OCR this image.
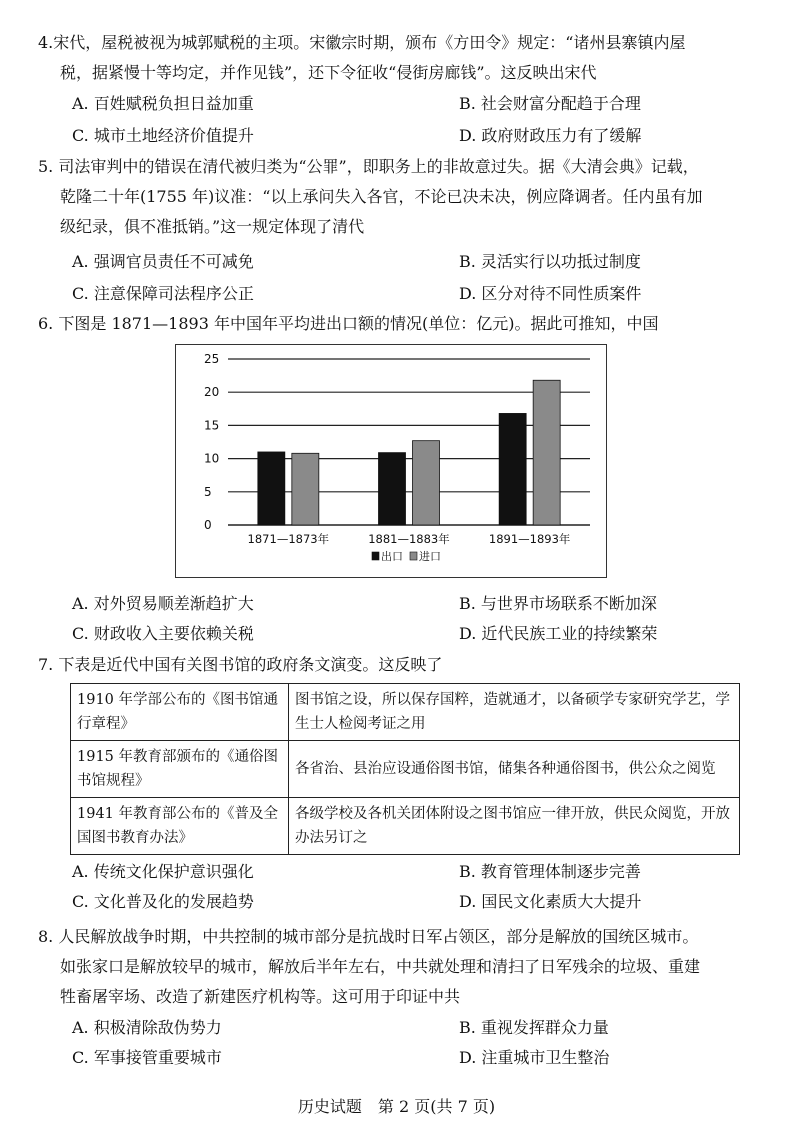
4.宋代，屋税被视为城郭赋税的主项。宋徽宗时期，颁布《方田令》规定：“诸州县寨镇内屋
税，据紧慢十等均定，并作见钱”，还下令征收“侵街房廊钱”。这反映出宋代
A. 百姓赋税负担日益加重	B. 社会财富分配趋于合理
C. 城市土地经济价值提升	D. 政府财政压力有了缓解
5. 司法审判中的错误在清代被归类为“公罪”，即职务上的非故意过失。据《大清会典》记载，
乾隆二十年(1755 年)议准：“以上承问失入各官，不论已决未决，例应降调者。任内虽有加
级纪录，俱不准抵销。”这一规定体现了清代
A. 强调官员责任不可减免	B. 灵活实行以功抵过制度
C. 注意保障司法程序公正	D. 区分对待不同性质案件
6. 下图是 1871—1893 年中国年平均进出口额的情况(单位：亿元)。据此可推知，中国
0
5
10
15
20
25
1871—1873年	1881—1883年	1891—1893年
出口 进口
A. 对外贸易顺差渐趋扩大	B. 与世界市场联系不断加深
C. 财政收入主要依赖关税	D. 近代民族工业的持续繁荣
7. 下表是近代中国有关图书馆的政府条文演变。这反映了
1910 年学部公布的《图书馆通行章程》	图书馆之设，所以保存国粹，造就通才，以备硕学专家研究学艺，学生士人检阅考证之用
1915 年教育部颁布的《通俗图书馆规程》	各省治、县治应设通俗图书馆，储集各种通俗图书，供公众之阅览
1941 年教育部公布的《普及全国图书教育办法》	各级学校及各机关团体附设之图书馆应一律开放，供民众阅览，开放办法另订之
A. 传统文化保护意识强化	B. 教育管理体制逐步完善
C. 文化普及化的发展趋势	D. 国民文化素质大大提升
8. 人民解放战争时期，中共控制的城市部分是抗战时日军占领区，部分是解放的国统区城市。
如张家口是解放较早的城市，解放后半年左右，中共就处理和清扫了日军残余的垃圾、重建
牲畜屠宰场、改造了新建医疗机构等。这可用于印证中共
A. 积极清除敌伪势力	B. 重视发挥群众力量
C. 军事接管重要城市	D. 注重城市卫生整治
历史试题　第 2 页(共 7 页)
